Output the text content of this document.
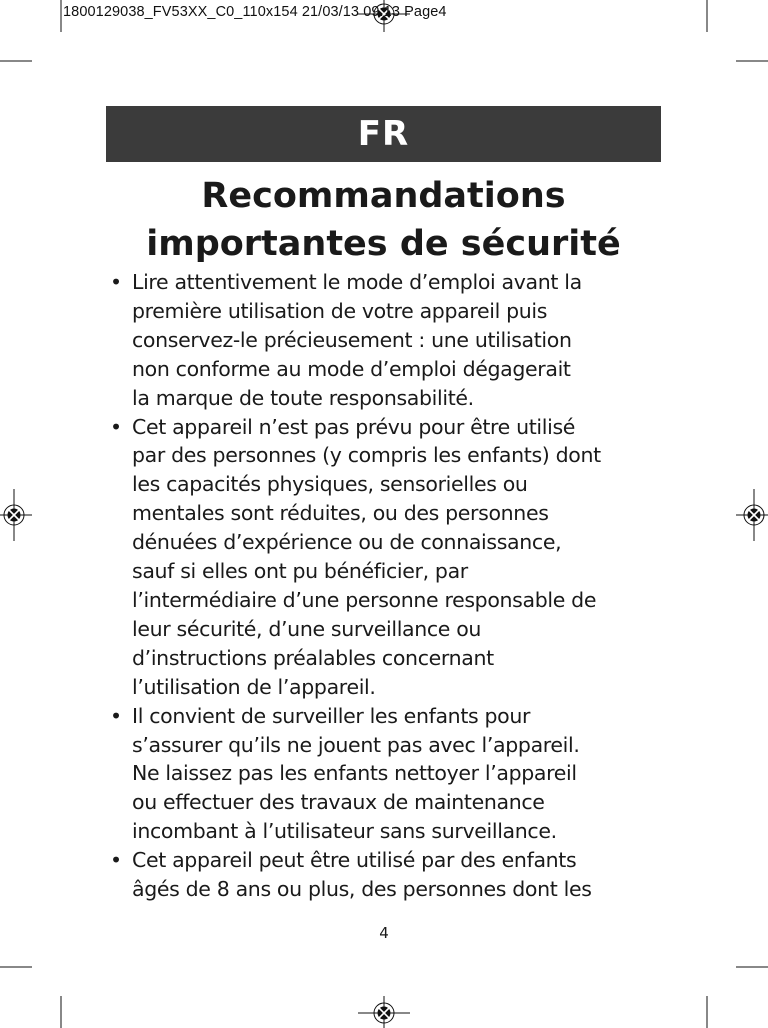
1800129038_FV53XX_C0_110x154 21/03/13 09:13 Page4
FR
Recommandations
importantes de sécurité
• Lire attentivement le mode d’emploi avant la
première utilisation de votre appareil puis
conservez-le précieusement : une utilisation
non conforme au mode d’emploi dégagerait
la marque de toute responsabilité.
• Cet appareil n’est pas prévu pour être utilisé
par des personnes (y compris les enfants) dont
les capacités physiques, sensorielles ou
mentales sont réduites, ou des personnes
dénuées d’expérience ou de connaissance,
sauf si elles ont pu bénéficier, par
l’intermédiaire d’une personne responsable de
leur sécurité, d’une surveillance ou
d’instructions préalables concernant
l’utilisation de l’appareil.
• Il convient de surveiller les enfants pour
s’assurer qu’ils ne jouent pas avec l’appareil.
Ne laissez pas les enfants nettoyer l’appareil
ou effectuer des travaux de maintenance
incombant à l’utilisateur sans surveillance.
• Cet appareil peut être utilisé par des enfants
âgés de 8 ans ou plus, des personnes dont les
4
